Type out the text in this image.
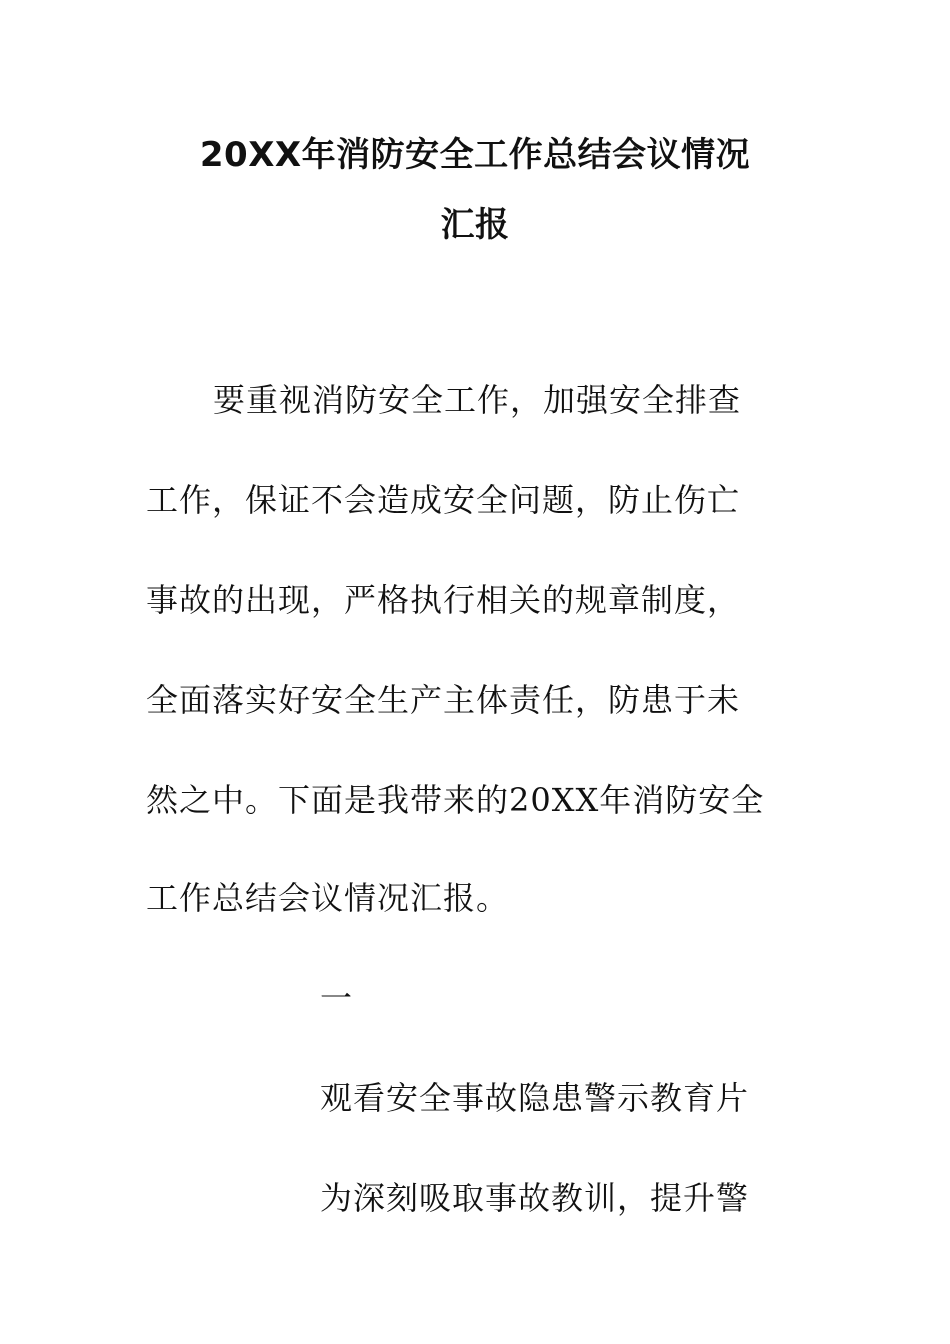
20XX年消防安全工作总结会议情况
汇报
要重视消防安全工作，加强安全排查
工作，保证不会造成安全问题，防止伤亡
事故的出现，严格执行相关的规章制度，
全面落实好安全生产主体责任，防患于未
然之中。下面是我带来的20XX年消防安全
工作总结会议情况汇报。
一
观看安全事故隐患警示教育片
为深刻吸取事故教训，提升警
